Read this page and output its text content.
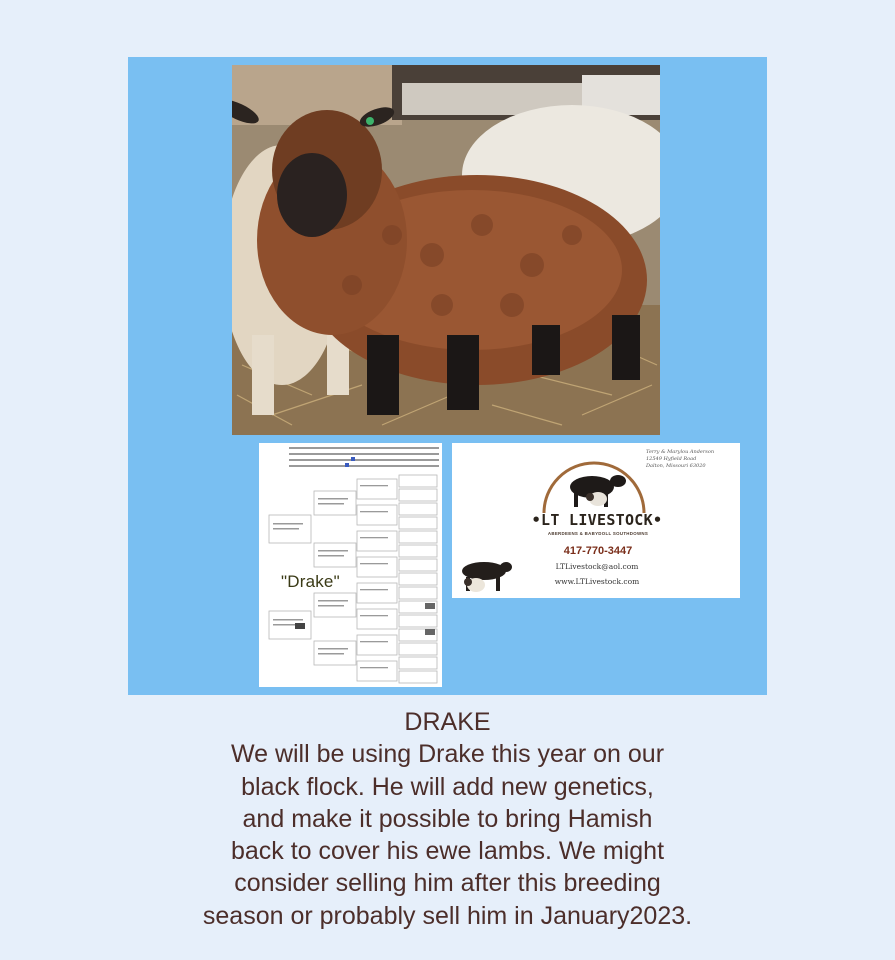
"Drake"
Terry & Marylou Anderson
12549 Hyfield Road
Dalton, Missouri 63020
•LT LIVESTOCK•
ABERDEENS & BABYDOLL SOUTHDOWNS
417-770-3447
LTLivestock@aol.com
www.LTLivestock.com
DRAKE
We will be using Drake this year on our
black flock. He will add new genetics,
and make it possible to bring Hamish
back to cover his ewe lambs. We might
consider selling him after this breeding
season or probably sell him in January2023.
